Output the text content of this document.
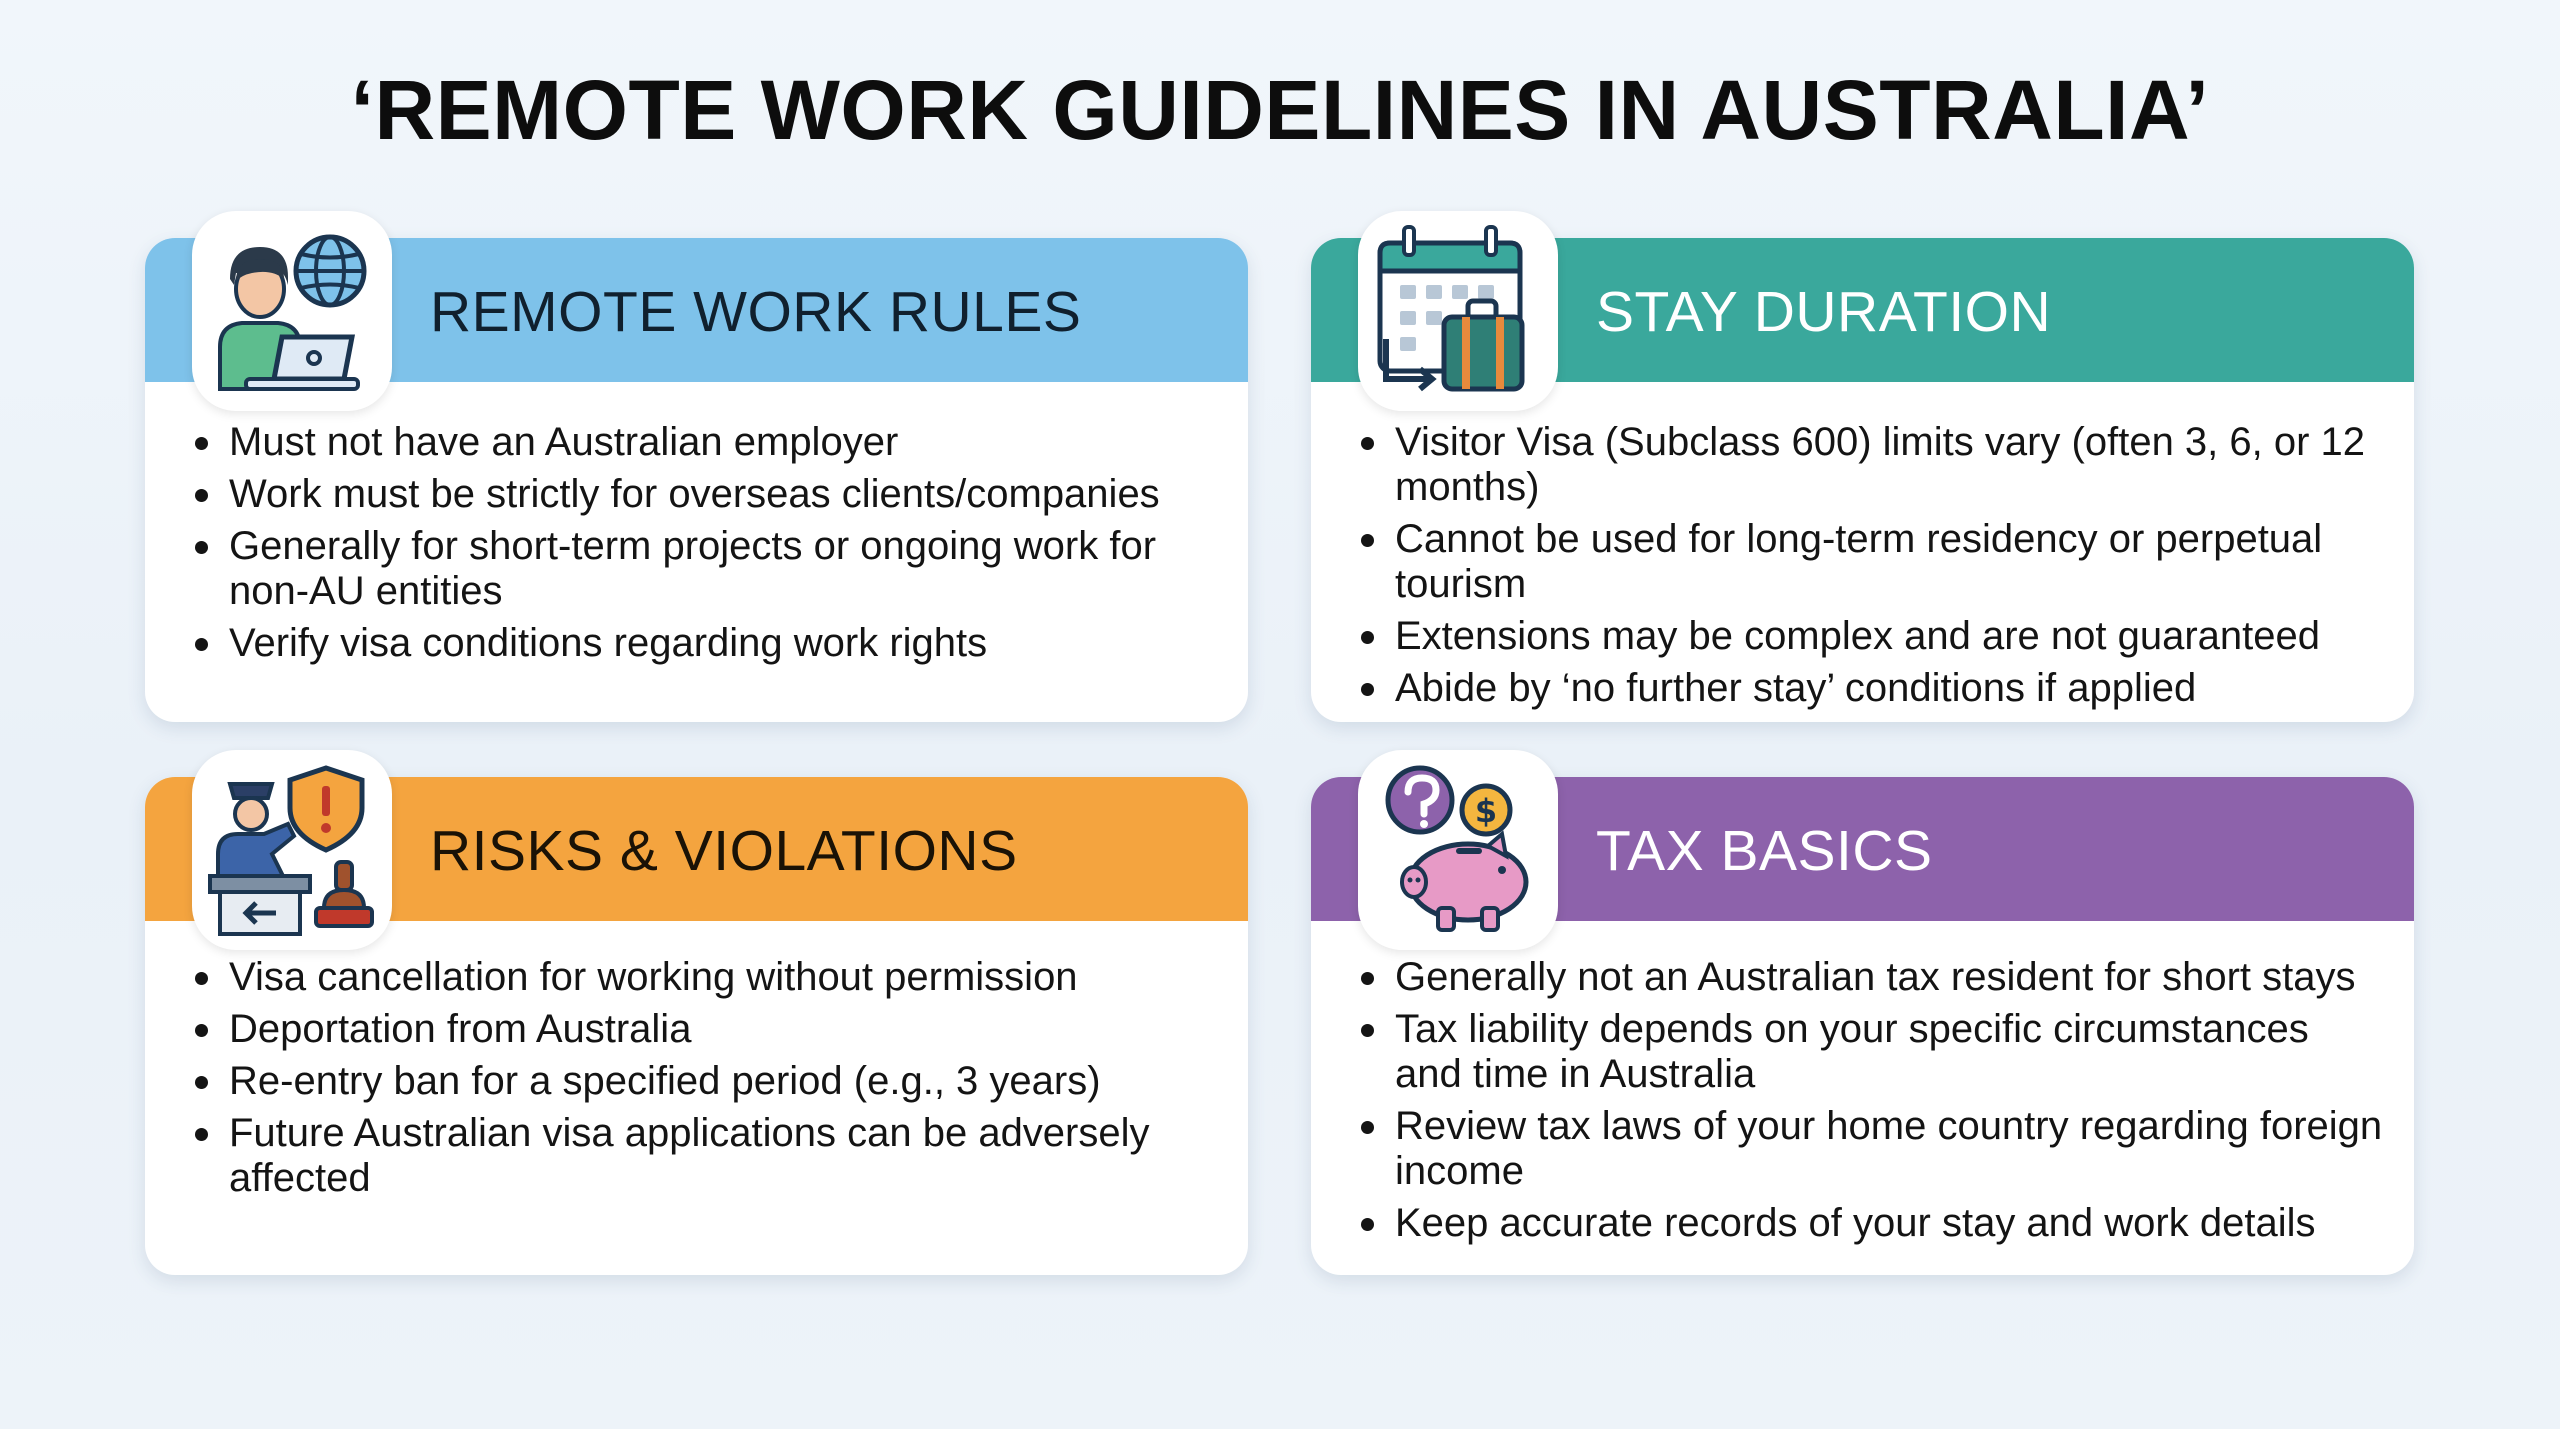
‘REMOTE WORK GUIDELINES IN AUSTRALIA’
REMOTE WORK RULES
Must not have an Australian employer
Work must be strictly for overseas clients/companies
Generally for short-term projects or ongoing work for non-AU entities
Verify visa conditions regarding work rights
STAY DURATION
Visitor Visa (Subclass 600) limits vary (often 3, 6, or 12 months)
Cannot be used for long-term residency or perpetual tourism
Extensions may be complex and are not guaranteed
Abide by ‘no further stay’ conditions if applied
RISKS & VIOLATIONS
Visa cancellation for working without permission
Deportation from Australia
Re-entry ban for a specified period (e.g., 3 years)
Future Australian visa applications can be adversely affected
$
TAX BASICS
Generally not an Australian tax resident for short stays
Tax liability depends on your specific circumstances and time in Australia
Review tax laws of your home country regarding foreign income
Keep accurate records of your stay and work details
